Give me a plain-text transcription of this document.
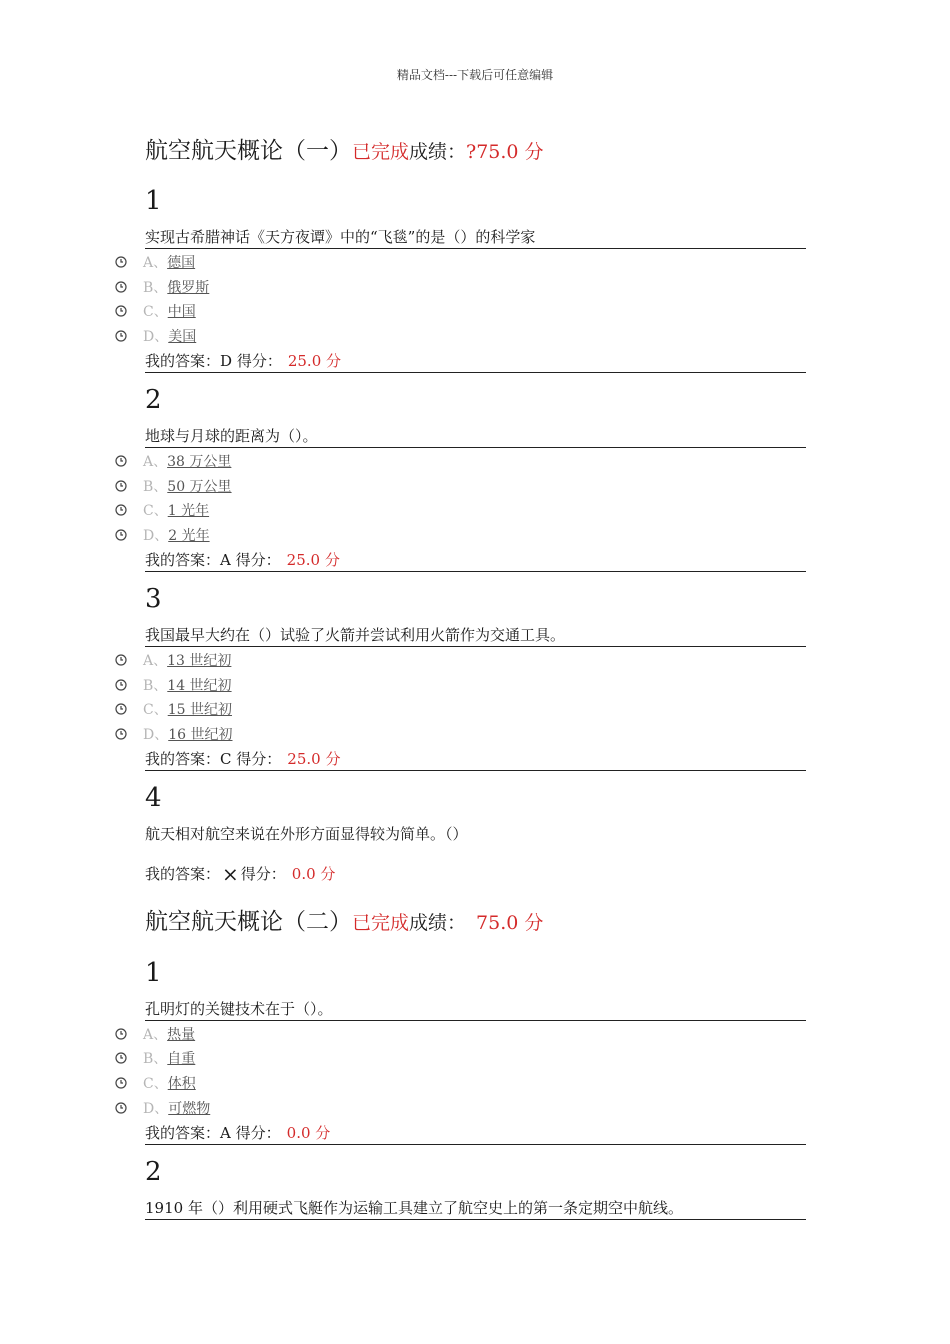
精品文档---下载后可任意编辑
航空航天概论（一）已完成成绩：?75.0 分
1
实现古希腊神话《天方夜谭》中的“飞毯”的是（）的科学家
A、德国
B、俄罗斯
C、中国
D、美国
我的答案：D 得分： 25.0 分
2
地球与月球的距离为（）。
A、38 万公里
B、50 万公里
C、1 光年
D、2 光年
我的答案：A 得分： 25.0 分
3
我国最早大约在（）试验了火箭并尝试利用火箭作为交通工具。
A、13 世纪初
B、14 世纪初
C、15 世纪初
D、16 世纪初
我的答案：C 得分： 25.0 分
4
航天相对航空来说在外形方面显得较为简单。（）
我的答案： × 得分： 0.0 分
航空航天概论（二）已完成成绩： 75.0 分
1
孔明灯的关键技术在于（）。
A、热量
B、自重
C、体积
D、可燃物
我的答案：A 得分： 0.0 分
2
1910 年（）利用硬式飞艇作为运输工具建立了航空史上的第一条定期空中航线。
